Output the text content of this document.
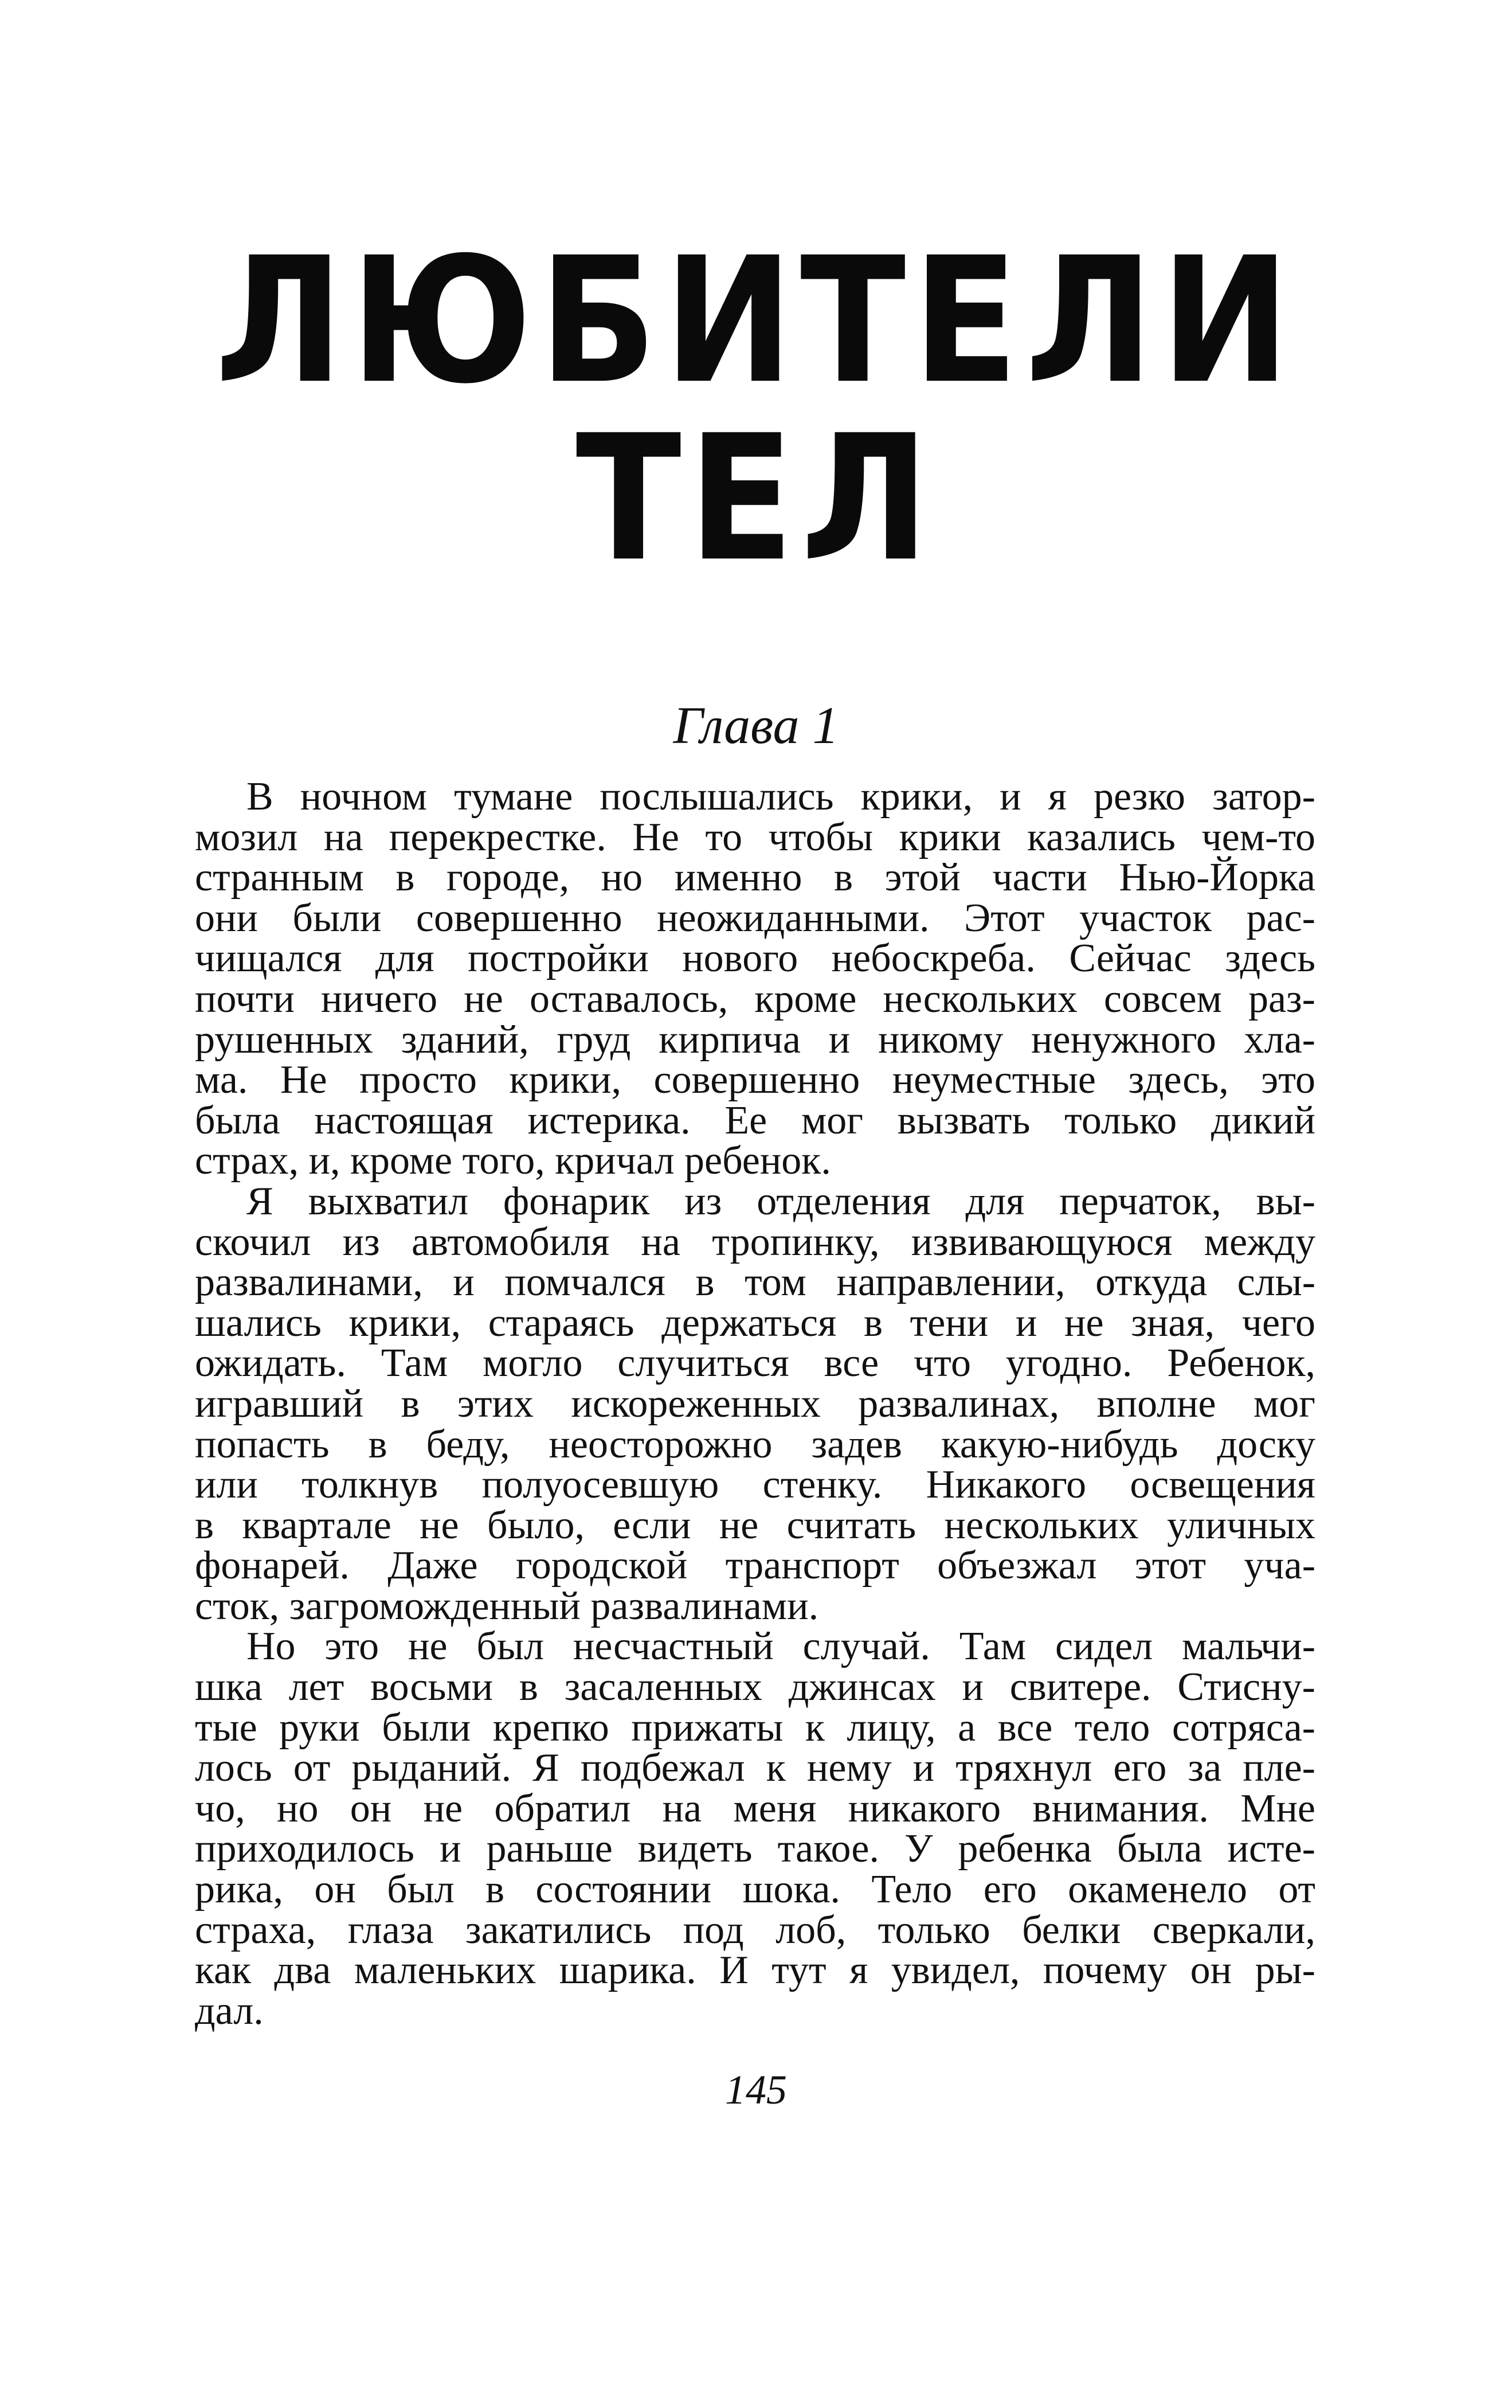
ЛЮБИТЕЛИ
ТЕЛ
Глава 1
В ночном тумане послышались крики, и я резко затор-
мозил на перекрестке. Не то чтобы крики казались чем-то
странным в городе, но именно в этой части Нью-Йорка
они были совершенно неожиданными. Этот участок рас-
чищался для постройки нового небоскреба. Сейчас здесь
почти ничего не оставалось, кроме нескольких совсем раз-
рушенных зданий, груд кирпича и никому ненужного хла-
ма. Не просто крики, совершенно неуместные здесь, это
была настоящая истерика. Ее мог вызвать только дикий
страх, и, кроме того, кричал ребенок.
Я выхватил фонарик из отделения для перчаток, вы-
скочил из автомобиля на тропинку, извивающуюся между
развалинами, и помчался в том направлении, откуда слы-
шались крики, стараясь держаться в тени и не зная, чего
ожидать. Там могло случиться все что угодно. Ребенок,
игравший в этих искореженных развалинах, вполне мог
попасть в беду, неосторожно задев какую-нибудь доску
или толкнув полуосевшую стенку. Никакого освещения
в квартале не было, если не считать нескольких уличных
фонарей. Даже городской транспорт объезжал этот уча-
сток, загроможденный развалинами.
Но это не был несчастный случай. Там сидел мальчи-
шка лет восьми в засаленных джинсах и свитере. Стисну-
тые руки были крепко прижаты к лицу, а все тело сотряса-
лось от рыданий. Я подбежал к нему и тряхнул его за пле-
чо, но он не обратил на меня никакого внимания. Мне
приходилось и раньше видеть такое. У ребенка была исте-
рика, он был в состоянии шока. Тело его окаменело от
страха, глаза закатились под лоб, только белки сверкали,
как два маленьких шарика. И тут я увидел, почему он ры-
дал.
145
